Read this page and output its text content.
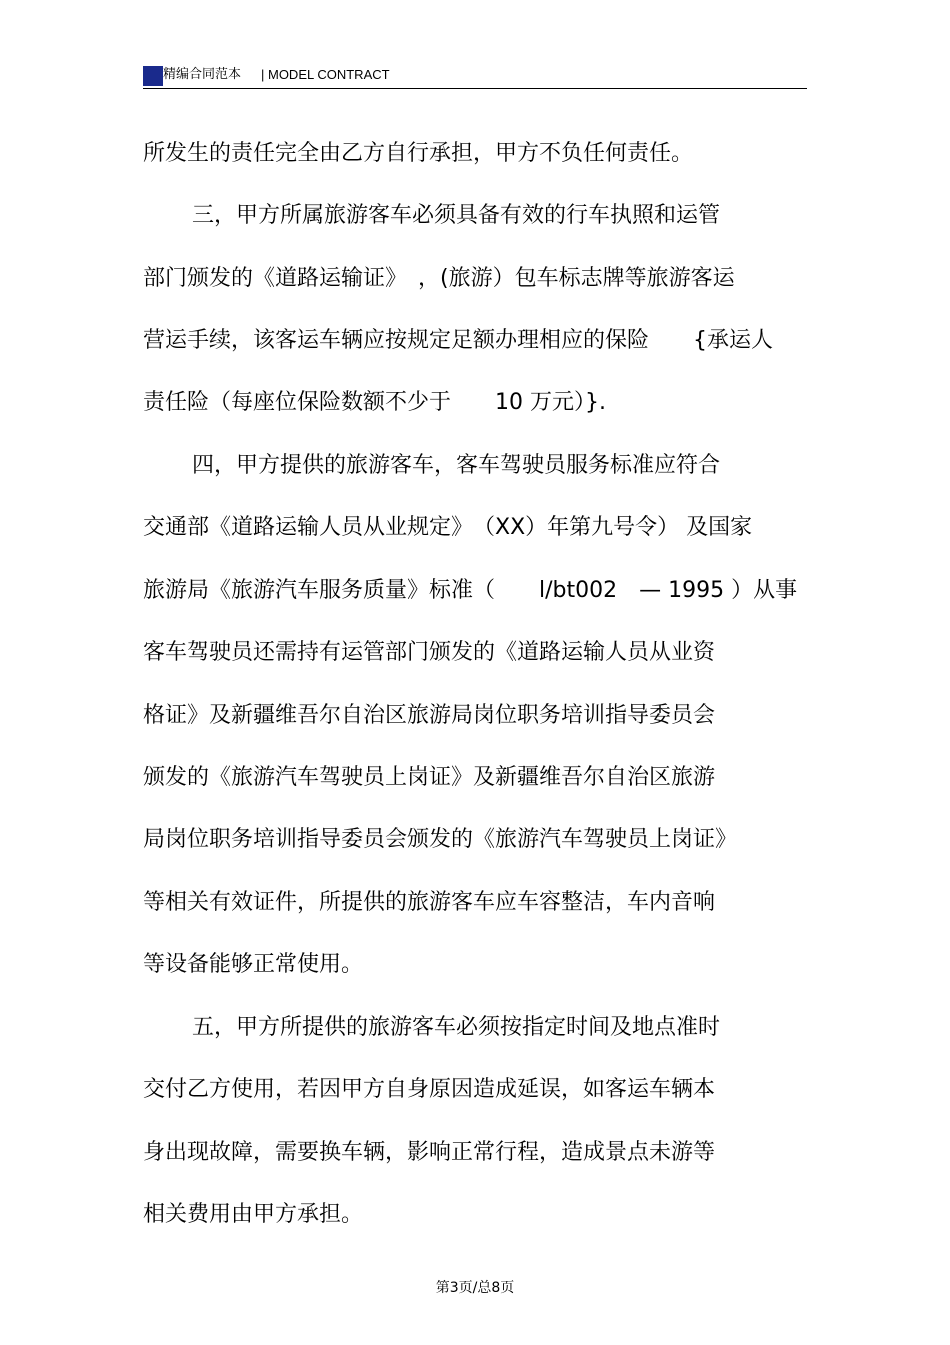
精编合同范本 | MODEL CONTRACT
所发生的责任完全由乙方自行承担，甲方不负任何责任。
三，甲方所属旅游客车必须具备有效的行车执照和运管
部门颁发的《道路运输证》　，(旅游）包车标志牌等旅游客运
营运手续，该客运车辆应按规定足额办理相应的保险　　{承运人
责任险（每座位保险数额不少于　　10 万元）}.
四，甲方提供的旅游客车，客车驾驶员服务标准应符合
交通部《道路运输人员从业规定》　（XX）年第九号令） 及国家
旅游局《旅游汽车服务质量》标准（　　l/bt002　— 1995 ）从事
客车驾驶员还需持有运管部门颁发的《道路运输人员从业资
格证》及新疆维吾尔自治区旅游局岗位职务培训指导委员会
颁发的《旅游汽车驾驶员上岗证》及新疆维吾尔自治区旅游
局岗位职务培训指导委员会颁发的《旅游汽车驾驶员上岗证》
等相关有效证件，所提供的旅游客车应车容整洁，车内音响
等设备能够正常使用。
五，甲方所提供的旅游客车必须按指定时间及地点准时
交付乙方使用，若因甲方自身原因造成延误，如客运车辆本
身出现故障，需要换车辆，影响正常行程，造成景点未游等
相关费用由甲方承担。
第3页/总8页
